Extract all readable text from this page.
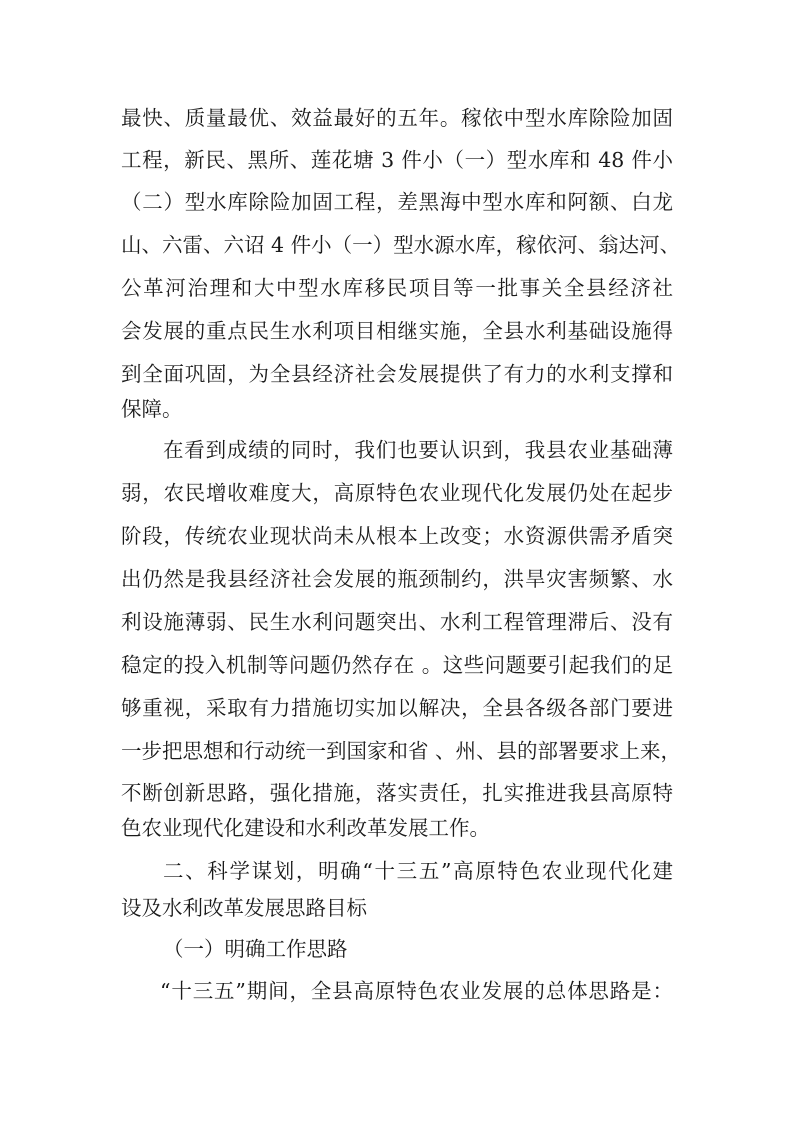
最快、质量最优、效益最好的五年。稼依中型水库除险加固
工程，新民、黑所、莲花塘 3 件小（一）型水库和 48 件小
（二）型水库除险加固工程，差黑海中型水库和阿额、白龙
山、六雷、六诏 4 件小（一）型水源水库，稼依河、翁达河、
公革河治理和大中型水库移民项目等一批事关全县经济社
会发展的重点民生水利项目相继实施，全县水利基础设施得
到全面巩固，为全县经济社会发展提供了有力的水利支撑和
保障。
在看到成绩的同时，我们也要认识到，我县农业基础薄
弱，农民增收难度大，高原特色农业现代化发展仍处在起步
阶段，传统农业现状尚未从根本上改变；水资源供需矛盾突
出仍然是我县经济社会发展的瓶颈制约，洪旱灾害频繁、水
利设施薄弱、民生水利问题突出、水利工程管理滞后、没有
稳定的投入机制等问题仍然存在 。这些问题要引起我们的足
够重视，采取有力措施切实加以解决，全县各级各部门要进
一步把思想和行动统一到国家和省 、州、县的部署要求上来，
不断创新思路，强化措施，落实责任，扎实推进我县高原特
色农业现代化建设和水利改革发展工作。
二、科学谋划，明确“十三五”高原特色农业现代化建
设及水利改革发展思路目标
（一）明确工作思路
“十三五”期间，全县高原特色农业发展的总体思路是：
